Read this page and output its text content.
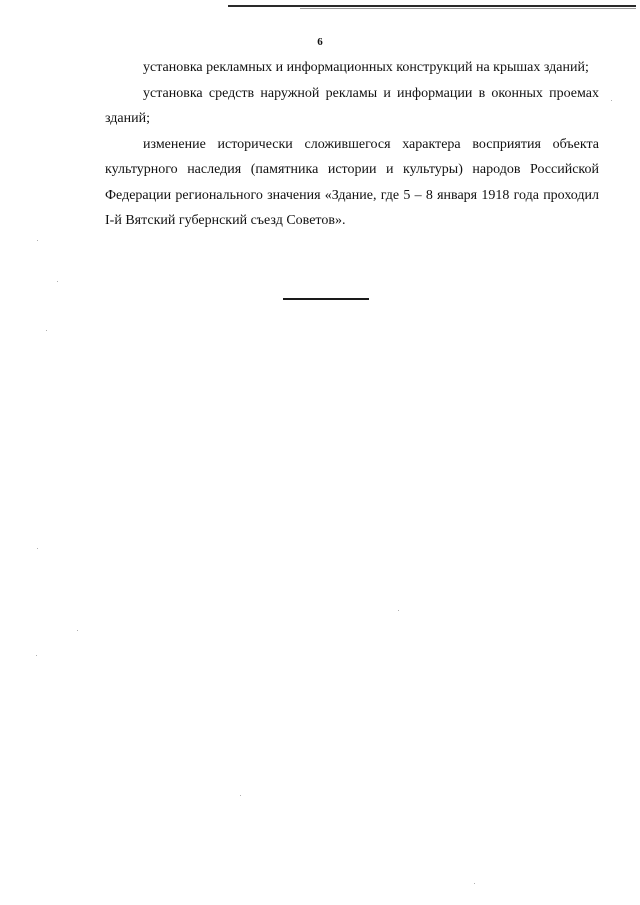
6

установка рекламных и информационных конструкций на крышах зданий;

установка средств наружной рекламы и информации в оконных проемах зданий;

изменение исторически сложившегося характера восприятия объекта культурного наследия (памятника истории и культуры) народов Российской Федерации регионального значения «Здание, где 5 – 8 января 1918 года проходил I-й Вятский губернский съезд Советов».
